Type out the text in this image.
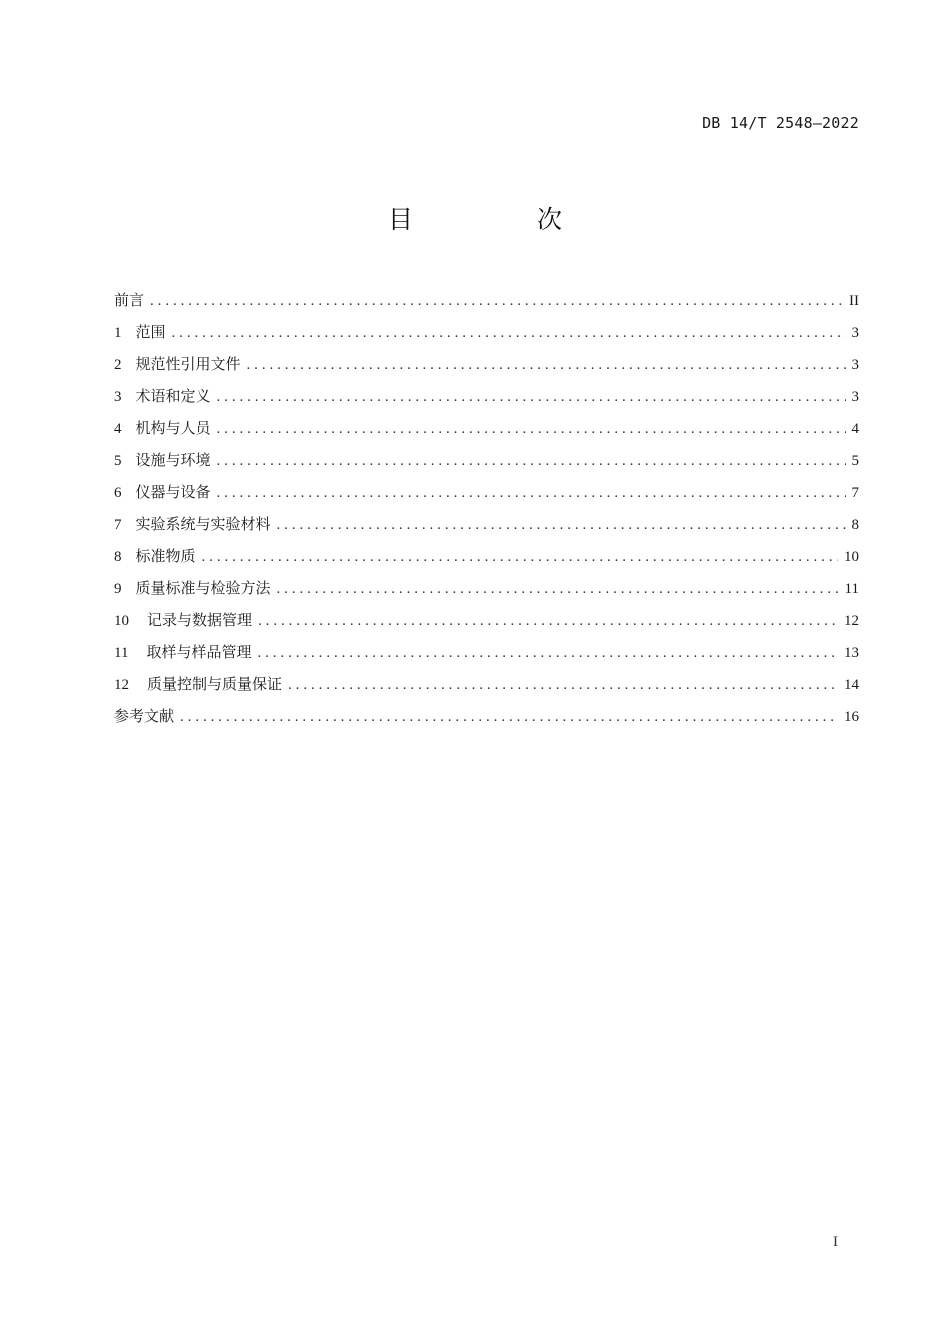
DB 14/T 2548—2022
目 次
前言 .....	II
1 范围 .....	3
2 规范性引用文件 .....	3
3 术语和定义 .....	3
4 机构与人员 .....	4
5 设施与环境 .....	5
6 仪器与设备 .....	7
7 实验系统与实验材料 .....	8
8 标准物质 .....	10
9 质量标准与检验方法 .....	11
10 记录与数据管理 .....	12
11 取样与样品管理 .....	13
12 质量控制与质量保证 .....	14
参考文献 .....	16
I
